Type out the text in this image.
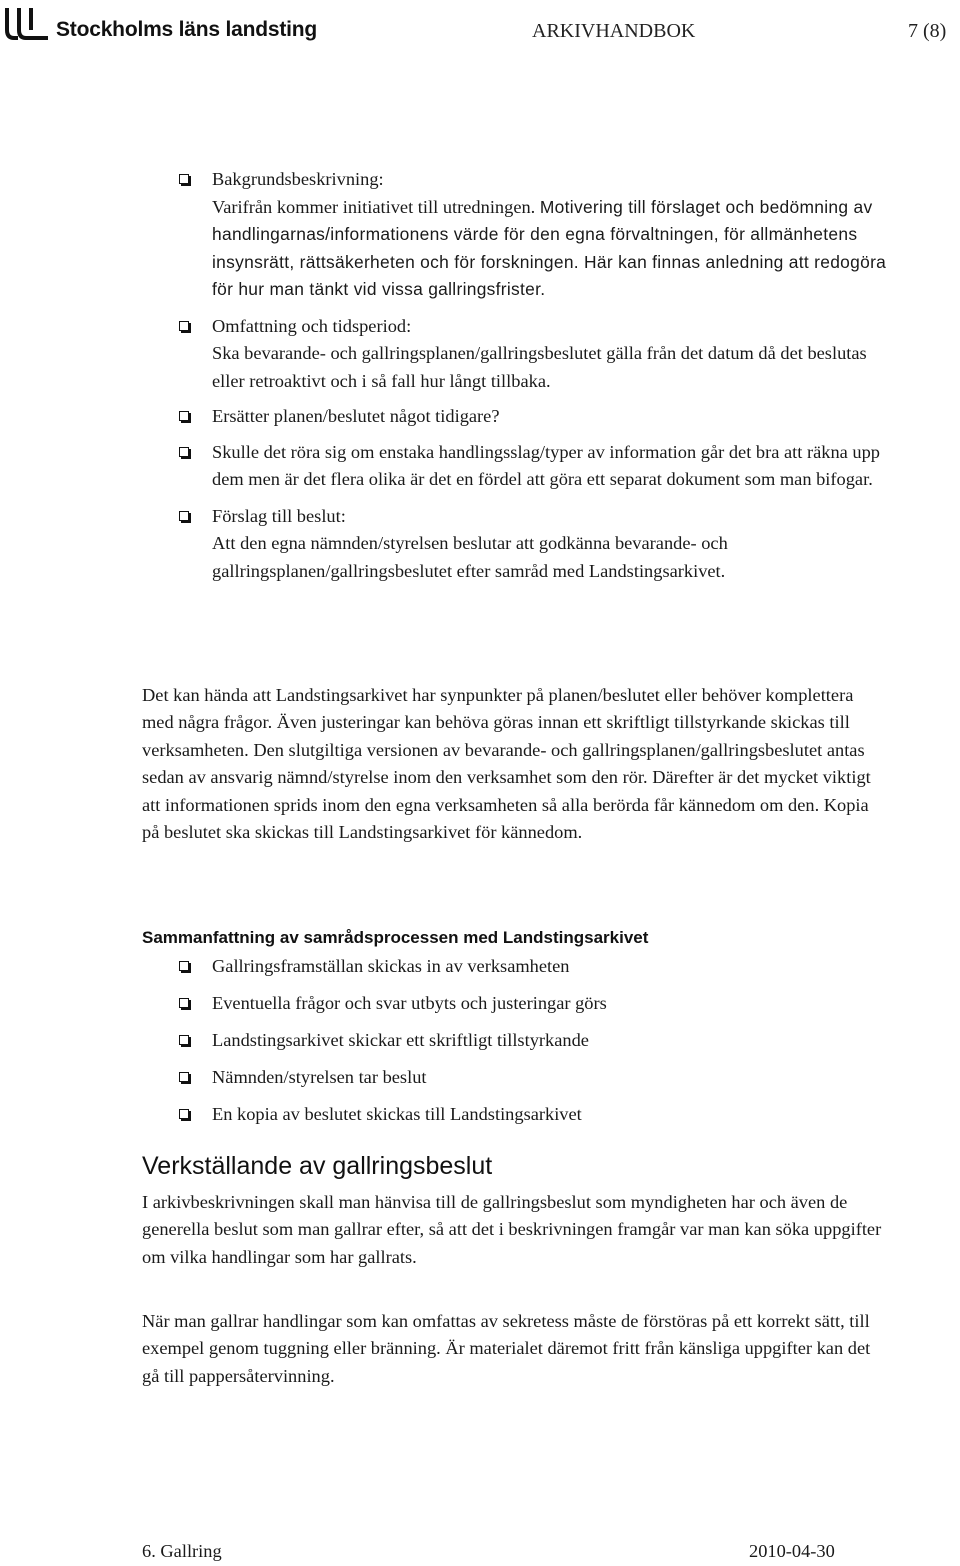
Stockholms läns landsting	ARKIVHANDBOK	7 (8)
Bakgrundsbeskrivning:
Varifrån kommer initiativet till utredningen. Motivering till förslaget och bedömning av handlingarnas/informationens värde för den egna förvaltningen, för allmänhetens insynsrätt, rättsäkerheten och för forskningen. Här kan finnas anledning att redogöra för hur man tänkt vid vissa gallringsfrister.
Omfattning och tidsperiod:
Ska bevarande- och gallringsplanen/gallringsbeslutet gälla från det datum då det beslutas eller retroaktivt och i så fall hur långt tillbaka.
Ersätter planen/beslutet något tidigare?
Skulle det röra sig om enstaka handlingsslag/typer av information går det bra att räkna upp dem men är det flera olika är det en fördel att göra ett separat dokument som man bifogar.
Förslag till beslut:
Att den egna nämnden/styrelsen beslutar att godkänna bevarande- och gallringsplanen/gallringsbeslutet efter samråd med Landstingsarkivet.

Det kan hända att Landstingsarkivet har synpunkter på planen/beslutet eller behöver komplettera med några frågor. Även justeringar kan behöva göras innan ett skriftligt tillstyrkande skickas till verksamheten. Den slutgiltiga versionen av bevarande- och gallringsplanen/gallringsbeslutet antas sedan av ansvarig nämnd/styrelse inom den verksamhet som den rör. Därefter är det mycket viktigt att informationen sprids inom den egna verksamheten så alla berörda får kännedom om den. Kopia på beslutet ska skickas till Landstingsarkivet för kännedom.

Sammanfattning av samrådsprocessen med Landstingsarkivet
Gallringsframställan skickas in av verksamheten
Eventuella frågor och svar utbyts och justeringar görs
Landstingsarkivet skickar ett skriftligt tillstyrkande
Nämnden/styrelsen tar beslut
En kopia av beslutet skickas till Landstingsarkivet
Verkställande av gallringsbeslut

I arkivbeskrivningen skall man hänvisa till de gallringsbeslut som myndigheten har och även de generella beslut som man gallrar efter, så att det i beskrivningen framgår var man kan söka uppgifter om vilka handlingar som har gallrats.

När man gallrar handlingar som kan omfattas av sekretess måste de förstöras på ett korrekt sätt, till exempel genom tuggning eller bränning. Är materialet däremot fritt från känsliga uppgifter kan det gå till pappersåtervinning.

6. Gallring	2010-04-30
